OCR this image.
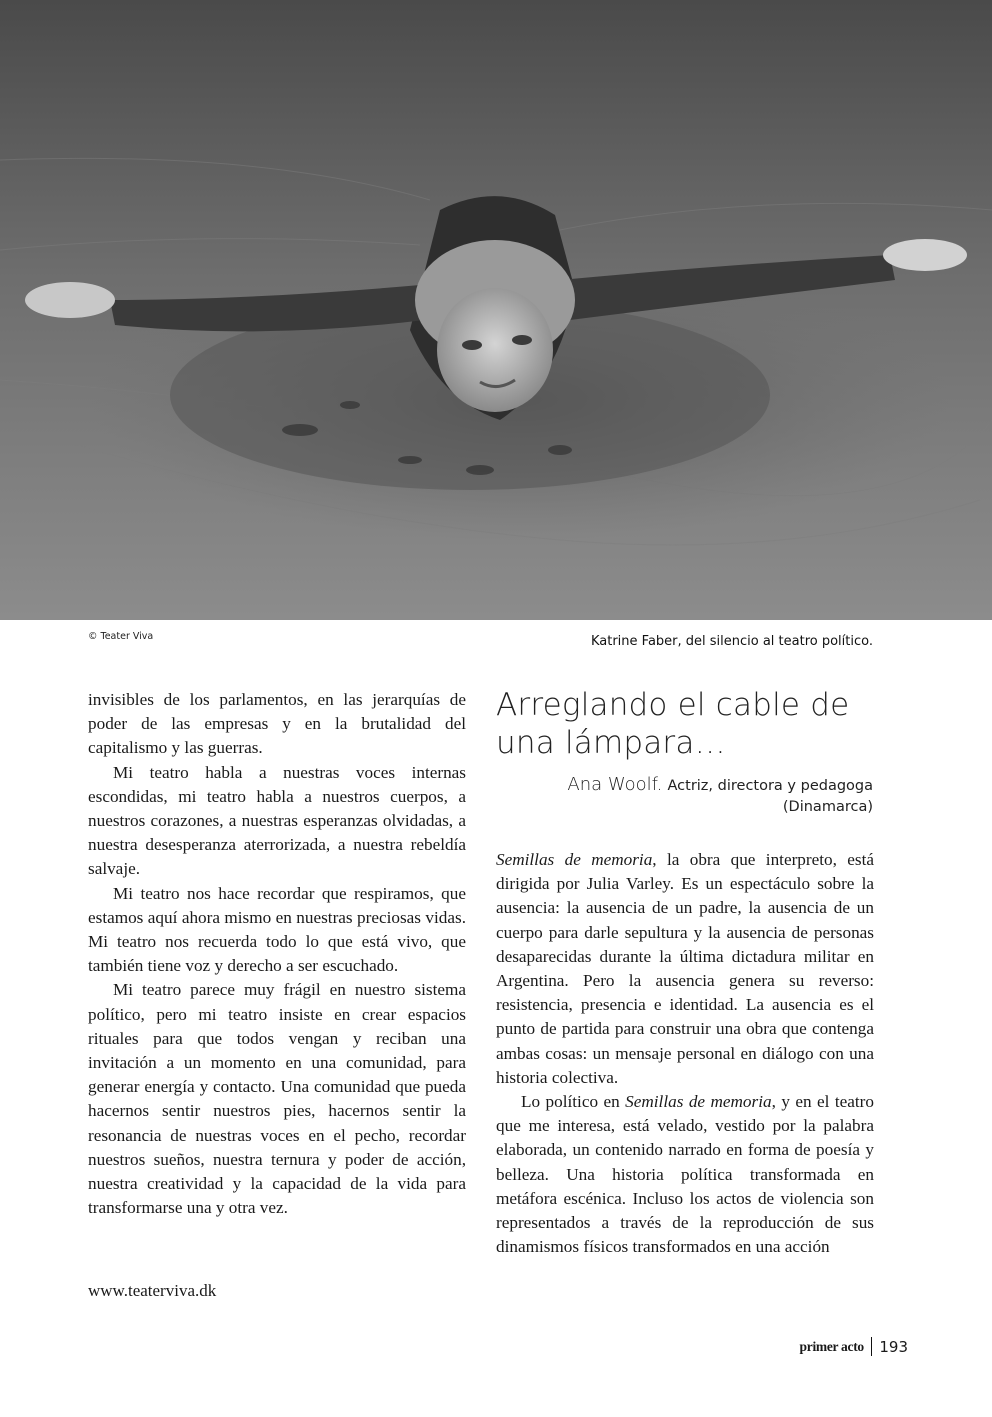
© Teater Viva	Katrine Faber, del silencio al teatro político.

invisibles de los parlamentos, en las jerarquías de poder de las empresas y en la brutalidad del capitalismo y las guerras.

Mi teatro habla a nuestras voces internas escondidas, mi teatro habla a nuestros cuerpos, a nuestros corazones, a nuestras esperanzas olvidadas, a nuestra desesperanza aterrorizada, a nuestra rebeldía salvaje.

Mi teatro nos hace recordar que respiramos, que estamos aquí ahora mismo en nuestras preciosas vidas. Mi teatro nos recuerda todo lo que está vivo, que también tiene voz y derecho a ser escuchado.

Mi teatro parece muy frágil en nuestro sistema político, pero mi teatro insiste en crear espacios rituales para que todos vengan y reciban una invitación a un momento en una comunidad, para generar energía y contacto. Una comunidad que pueda hacernos sentir nuestros pies, hacernos sentir la resonancia de nuestras voces en el pecho, recordar nuestros sueños, nuestra ternura y poder de acción, nuestra creatividad y la capacidad de la vida para transformarse una y otra vez.

www.teaterviva.dk
Arreglando el cable de
una lámpara…
Ana Woolf. Actriz, directora y pedagoga
(Dinamarca)

Semillas de memoria, la obra que interpreto, está dirigida por Julia Varley. Es un espectáculo sobre la ausencia: la ausencia de un padre, la ausencia de un cuerpo para darle sepultura y la ausencia de personas desaparecidas durante la última dictadura militar en Argentina. Pero la ausencia genera su reverso: resistencia, presencia e identidad. La ausencia es el punto de partida para construir una obra que contenga ambas cosas: un mensaje personal en diálogo con una historia colectiva.

Lo político en Semillas de memoria, y en el teatro que me interesa, está velado, vestido por la palabra elaborada, un contenido narrado en forma de poesía y belleza. Una historia política transformada en metáfora escénica. Incluso los actos de violencia son representados a través de la reproducción de sus dinamismos físicos transformados en una acción

primer acto 193
